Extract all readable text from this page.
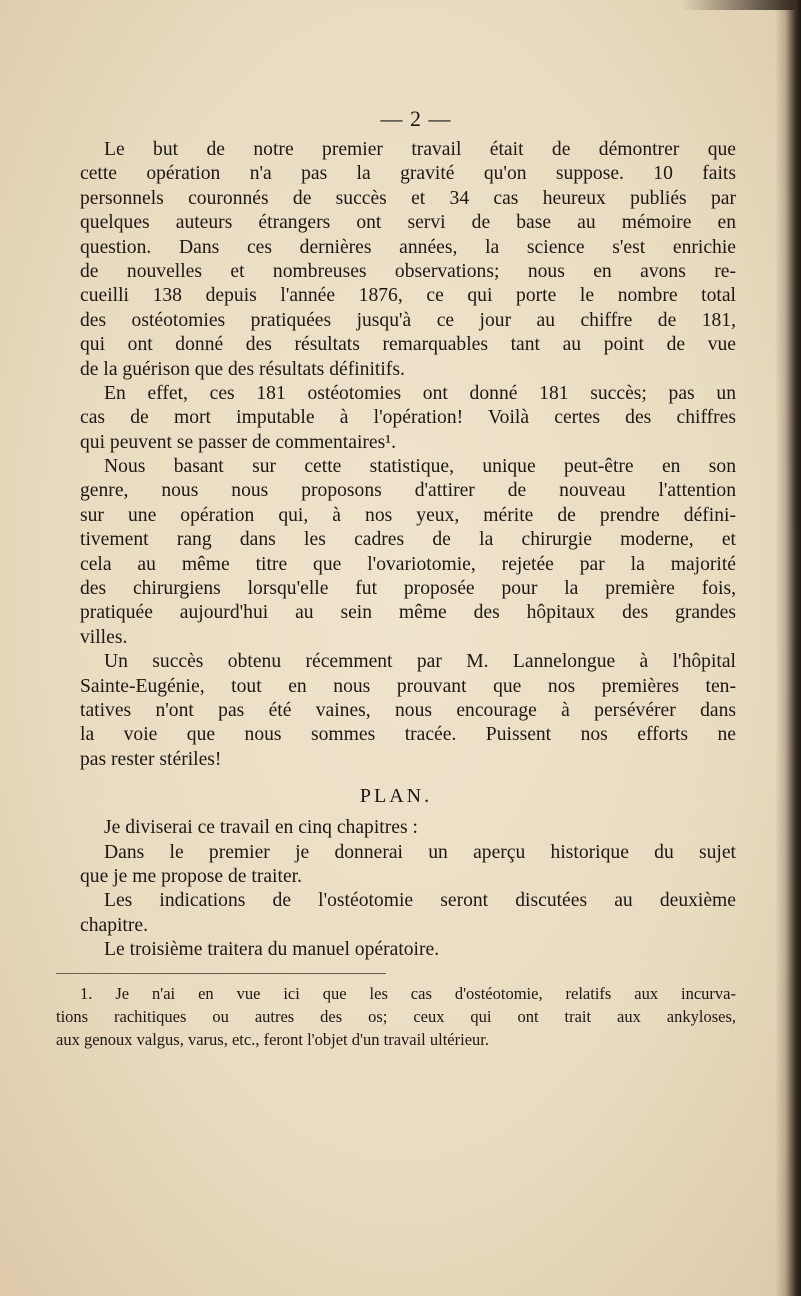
— 2 —
Le but de notre premier travail était de démontrer que
cette opération n'a pas la gravité qu'on suppose. 10 faits
personnels couronnés de succès et 34 cas heureux publiés par
quelques auteurs étrangers ont servi de base au mémoire en
question. Dans ces dernières années, la science s'est enrichie
de nouvelles et nombreuses observations; nous en avons re-
cueilli 138 depuis l'année 1876, ce qui porte le nombre total
des ostéotomies pratiquées jusqu'à ce jour au chiffre de 181,
qui ont donné des résultats remarquables tant au point de vue
de la guérison que des résultats définitifs.
En effet, ces 181 ostéotomies ont donné 181 succès; pas un
cas de mort imputable à l'opération! Voilà certes des chiffres
qui peuvent se passer de commentaires¹.
Nous basant sur cette statistique, unique peut-être en son
genre, nous nous proposons d'attirer de nouveau l'attention
sur une opération qui, à nos yeux, mérite de prendre défini-
tivement rang dans les cadres de la chirurgie moderne, et
cela au même titre que l'ovariotomie, rejetée par la majorité
des chirurgiens lorsqu'elle fut proposée pour la première fois,
pratiquée aujourd'hui au sein même des hôpitaux des grandes
villes.
Un succès obtenu récemment par M. Lannelongue à l'hôpital
Sainte-Eugénie, tout en nous prouvant que nos premières ten-
tatives n'ont pas été vaines, nous encourage à persévérer dans
la voie que nous sommes tracée. Puissent nos efforts ne
pas rester stériles!
PLAN.
Je diviserai ce travail en cinq chapitres :
Dans le premier je donnerai un aperçu historique du sujet
que je me propose de traiter.
Les indications de l'ostéotomie seront discutées au deuxième
chapitre.
Le troisième traitera du manuel opératoire.
1. Je n'ai en vue ici que les cas d'ostéotomie, relatifs aux incurva-
tions rachitiques ou autres des os; ceux qui ont trait aux ankyloses,
aux genoux valgus, varus, etc., feront l'objet d'un travail ultérieur.
